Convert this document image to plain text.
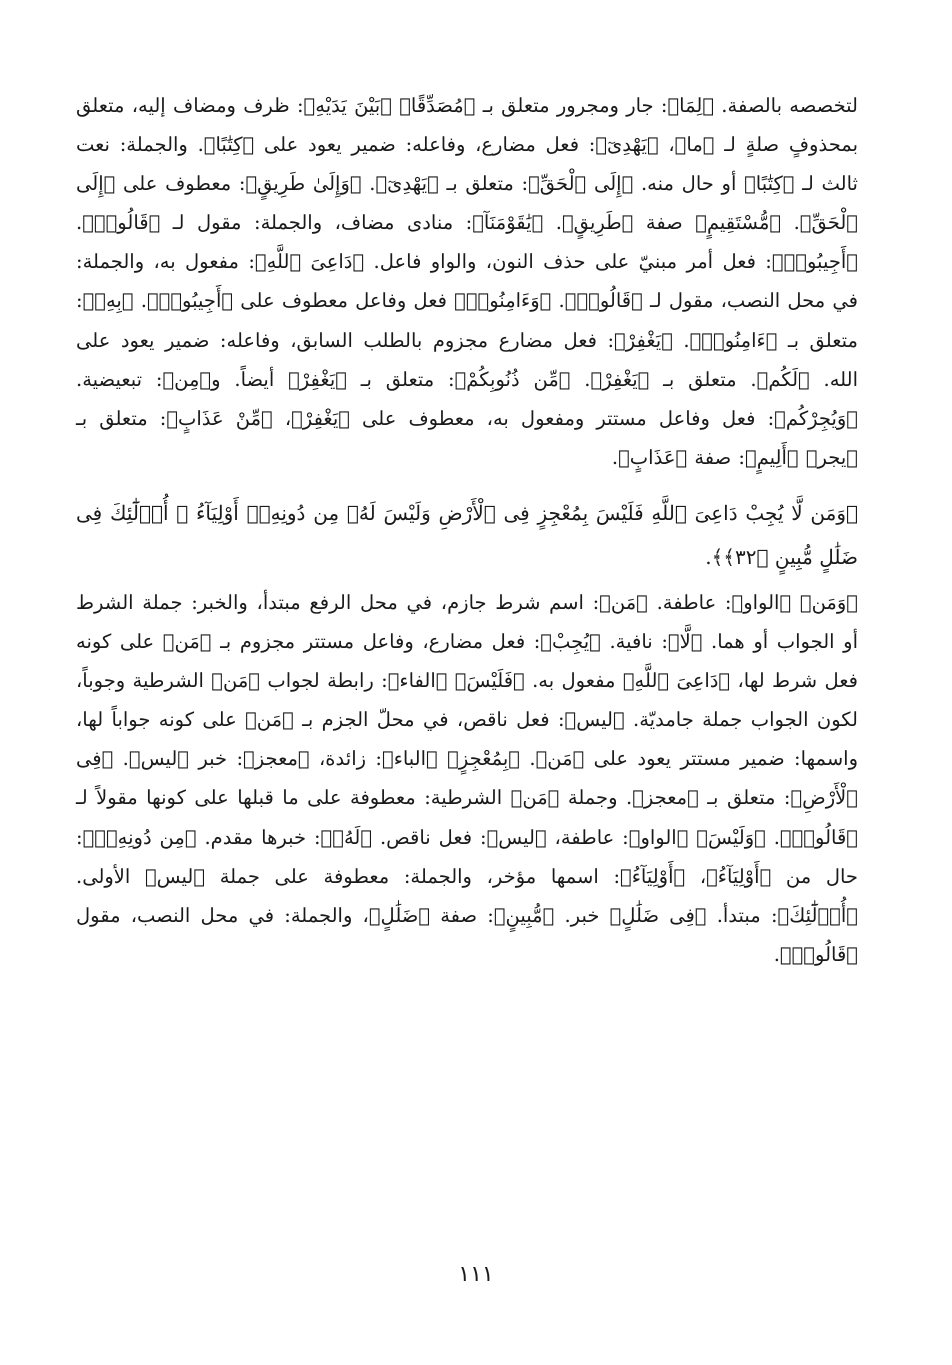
لتخصصه بالصفة. ﴿لِمَا﴾: جار ومجرور متعلق بـ ﴿مُصَدِّقًا﴾ ﴿بَيْنَ يَدَيْهِ﴾: ظرف ومضاف إليه، متعلق بمحذوفٍ صلةٍ لـ ﴿ما﴾، ﴿يَهْدِىٓ﴾: فعل مضارع، وفاعله: ضمير يعود على ﴿كِتَٰبًا﴾. والجملة: نعت ثالث لـ ﴿كِتَٰبًا﴾ أو حال منه. ﴿إِلَى ٱلْحَقِّ﴾: متعلق بـ ﴿يَهْدِىٓ﴾. ﴿وَإِلَىٰ طَرِيقٍ﴾: معطوف على ﴿إِلَى ٱلْحَقِّ﴾. ﴿مُّسْتَقِيمٍ﴾ صفة ﴿طَرِيقٍ﴾. ﴿يَٰقَوْمَنَآ﴾: منادى مضاف، والجملة: مقول لـ ﴿قَالُوا۟﴾. ﴿أَجِيبُوا۟﴾: فعل أمر مبنيّ على حذف النون، والواو فاعل. ﴿دَاعِىَ ٱللَّهِ﴾: مفعول به، والجملة: في محل النصب، مقول لـ ﴿قَالُوا۟﴾. ﴿وَءَامِنُوا۟﴾ فعل وفاعل معطوف على ﴿أَجِيبُوا۟﴾. ﴿بِهِۦ﴾: متعلق بـ ﴿ءَامِنُوا۟﴾. ﴿يَغْفِرْ﴾: فعل مضارع مجزوم بالطلب السابق، وفاعله: ضمير يعود على الله. ﴿لَكُم﴾. متعلق بـ ﴿يَغْفِرْ﴾. ﴿مِّن ذُنُوبِكُمْ﴾: متعلق بـ ﴿يَغْفِرْ﴾ أيضاً. و﴿مِن﴾: تبعيضية. ﴿وَيُجِرْكُم﴾: فعل وفاعل مستتر ومفعول به، معطوف على ﴿يَغْفِرْ﴾، ﴿مِّنْ عَذَابٍ﴾: متعلق بـ ﴿يجر﴾ ﴿أَلِيمٍ﴾: صفة ﴿عَذَابٍ﴾.

﴿وَمَن لَّا يُجِبْ دَاعِىَ ٱللَّهِ فَلَيْسَ بِمُعْجِزٍ فِى ٱلْأَرْضِ وَلَيْسَ لَهُۥ مِن دُونِهِۦٓ أَوْلِيَآءُ ۚ أُو۟لَٰٓئِكَ فِى ضَلَٰلٍ مُّبِينٍ ﴿٣٢﴾﴾.

﴿وَمَن﴾ ﴿الواو﴾: عاطفة. ﴿مَن﴾: اسم شرط جازم، في محل الرفع مبتدأ، والخبر: جملة الشرط أو الجواب أو هما. ﴿لَّا﴾: نافية. ﴿يُجِبْ﴾: فعل مضارع، وفاعل مستتر مجزوم بـ ﴿مَن﴾ على كونه فعل شرط لها، ﴿دَاعِىَ ٱللَّهِ﴾ مفعول به. ﴿فَلَيْسَ﴾ ﴿الفاء﴾: رابطة لجواب ﴿مَن﴾ الشرطية وجوباً، لكون الجواب جملة جامديّة. ﴿ليس﴾: فعل ناقص، في محلّ الجزم بـ ﴿مَن﴾ على كونه جواباً لها، واسمها: ضمير مستتر يعود على ﴿مَن﴾. ﴿بِمُعْجِزٍ﴾ ﴿الباء﴾: زائدة، ﴿معجز﴾: خبر ﴿ليس﴾. ﴿فِى ٱلْأَرْضِ﴾: متعلق بـ ﴿معجز﴾. وجملة ﴿مَن﴾ الشرطية: معطوفة على ما قبلها على كونها مقولاً لـ ﴿قَالُوا۟﴾. ﴿وَلَيْسَ﴾ ﴿الواو﴾: عاطفة، ﴿ليس﴾: فعل ناقص. ﴿لَهُۥ﴾: خبرها مقدم. ﴿مِن دُونِهِۦٓ﴾: حال من ﴿أَوْلِيَآءُ﴾، ﴿أَوْلِيَآءُ﴾: اسمها مؤخر، والجملة: معطوفة على جملة ﴿ليس﴾ الأولى. ﴿أُو۟لَٰٓئِكَ﴾: مبتدأ. ﴿فِى ضَلَٰلٍ﴾ خبر. ﴿مُّبِينٍ﴾: صفة ﴿ضَلَٰلٍ﴾، والجملة: في محل النصب، مقول ﴿قَالُوا۟﴾.

١١١
